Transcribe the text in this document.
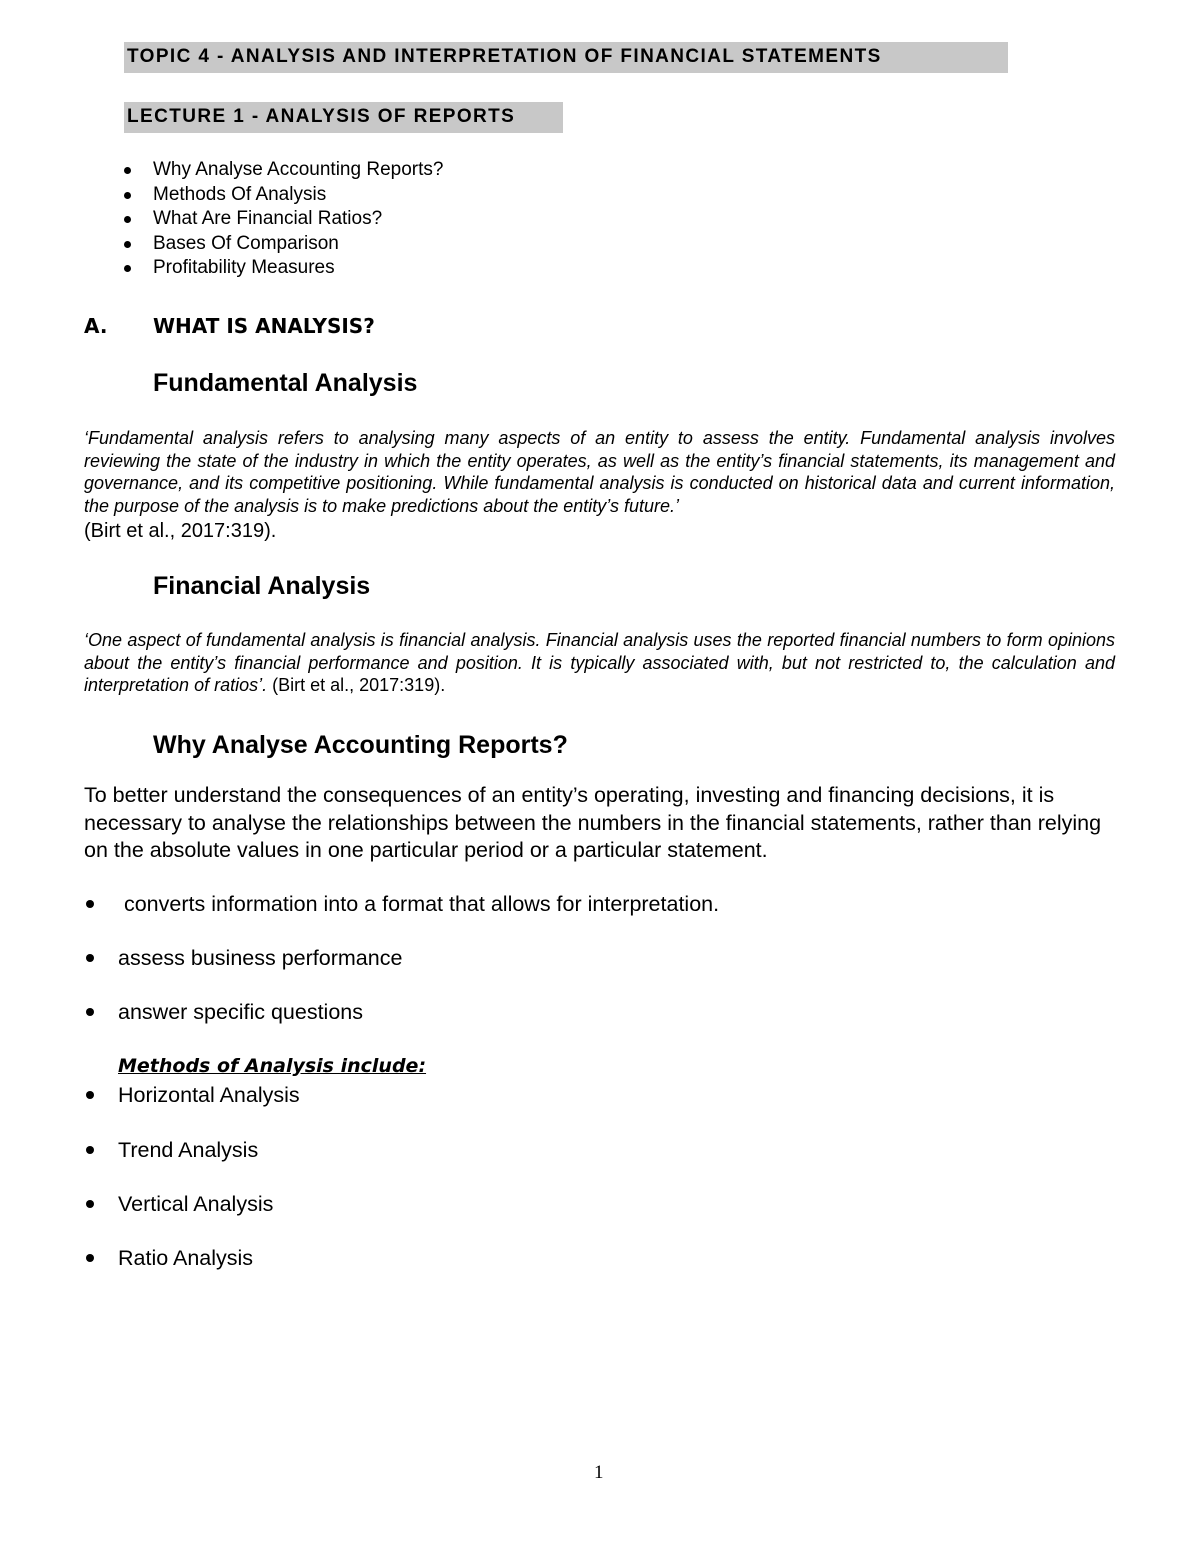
TOPIC 4 - ANALYSIS AND INTERPRETATION OF FINANCIAL STATEMENTS
LECTURE 1 - ANALYSIS OF REPORTS
Why Analyse Accounting Reports?
Methods Of Analysis
What Are Financial Ratios?
Bases Of Comparison
Profitability Measures
A. WHAT IS ANALYSIS?
Fundamental Analysis

‘Fundamental analysis refers to analysing many aspects of an entity to assess the entity. Fundamental analysis involves reviewing the state of the industry in which the entity operates, as well as the entity’s financial statements, its management and governance, and its competitive positioning. While fundamental analysis is conducted on historical data and current information, the purpose of the analysis is to make predictions about the entity’s future.’

(Birt et al., 2017:319).
Financial Analysis

‘One aspect of fundamental analysis is financial analysis. Financial analysis uses the reported financial numbers to form opinions about the entity’s financial performance and position. It is typically associated with, but not restricted to, the calculation and interpretation of ratios’. (Birt et al., 2017:319).

Why Analyse Accounting Reports?

To better understand the consequences of an entity’s operating, investing and financing decisions, it is necessary to analyse the relationships between the numbers in the financial statements, rather than relying on the absolute values in one particular period or a particular statement.

converts information into a format that allows for interpretation.
assess business performance
answer specific questions
Methods of Analysis include:
Horizontal Analysis
Trend Analysis
Vertical Analysis
Ratio Analysis
1
